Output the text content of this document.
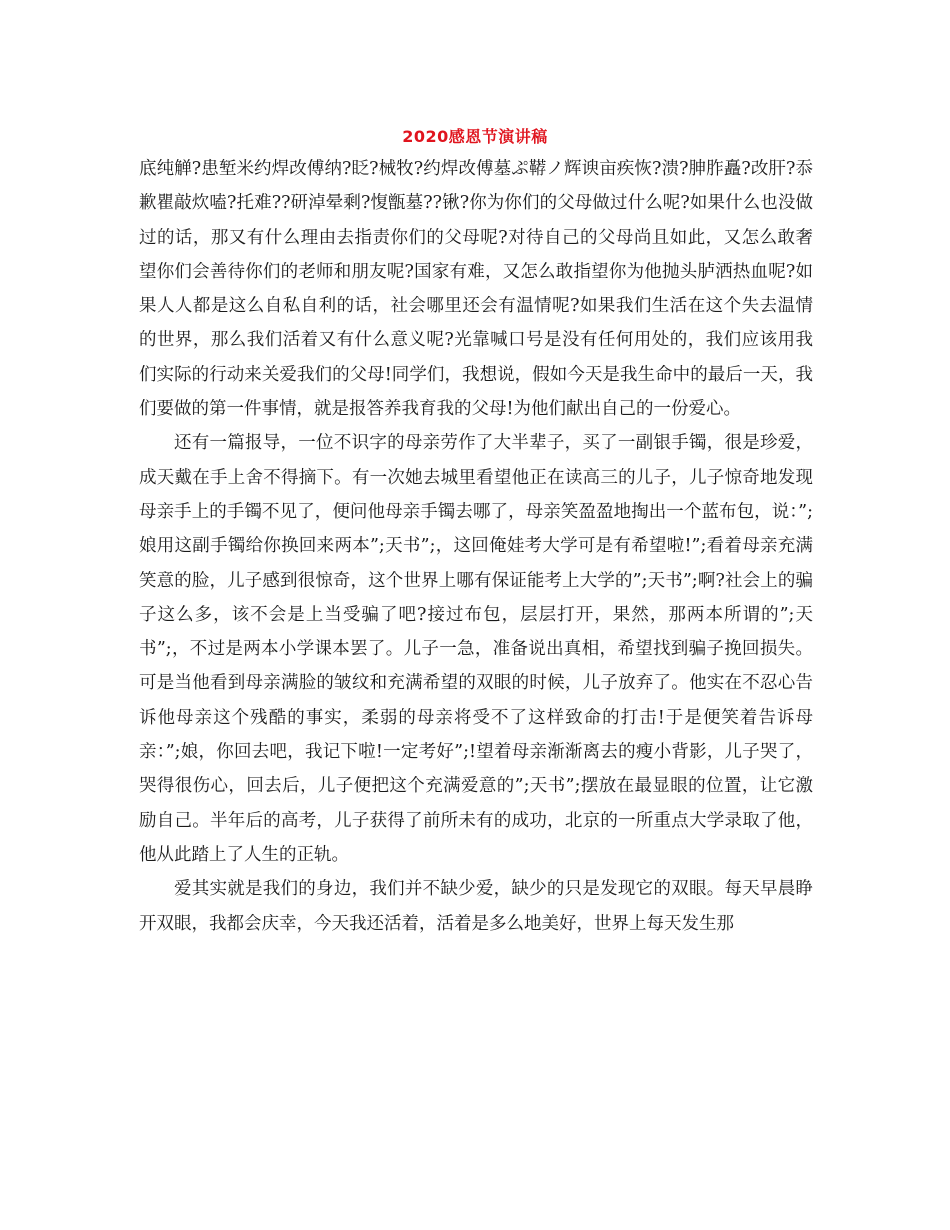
2020感恩节演讲稿

底纯觯?患堑米约焊改傅纳?眨?械牧?约焊改傅墓ぷ鞯ノ辉谀亩疾恢?溃?胂胙矗?改肝?忝歉瞿敲炊嗑?托难??研淖晕剩?愎甑墓??锹?你为你们的父母做过什么呢?如果什么也没做过的话，那又有什么理由去指责你们的父母呢?对待自己的父母尚且如此，又怎么敢奢望你们会善待你们的老师和朋友呢?国家有难，又怎么敢指望你为他抛头胪洒热血呢?如果人人都是这么自私自利的话，社会哪里还会有温情呢?如果我们生活在这个失去温情的世界，那么我们活着又有什么意义呢?光靠喊口号是没有任何用处的，我们应该用我们实际的行动来关爱我们的父母!同学们，我想说，假如今天是我生命中的最后一天，我们要做的第一件事情，就是报答养我育我的父母!为他们献出自己的一份爱心。

还有一篇报导，一位不识字的母亲劳作了大半辈子，买了一副银手镯，很是珍爱，成天戴在手上舍不得摘下。有一次她去城里看望他正在读高三的儿子，儿子惊奇地发现母亲手上的手镯不见了，便问他母亲手镯去哪了，母亲笑盈盈地掏出一个蓝布包，说：”;娘用这副手镯给你换回来两本”;天书”;，这回俺娃考大学可是有希望啦!”;看着母亲充满笑意的脸，儿子感到很惊奇，这个世界上哪有保证能考上大学的”;天书”;啊?社会上的骗子这么多，该不会是上当受骗了吧?接过布包，层层打开，果然，那两本所谓的”;天书”;，不过是两本小学课本罢了。儿子一急，准备说出真相，希望找到骗子挽回损失。可是当他看到母亲满脸的皱纹和充满希望的双眼的时候，儿子放弃了。他实在不忍心告诉他母亲这个残酷的事实，柔弱的母亲将受不了这样致命的打击!于是便笑着告诉母亲：”;娘，你回去吧，我记下啦!一定考好”;!望着母亲渐渐离去的瘦小背影，儿子哭了，哭得很伤心，回去后，儿子便把这个充满爱意的”;天书”;摆放在最显眼的位置，让它激励自己。半年后的高考，儿子获得了前所未有的成功，北京的一所重点大学录取了他，他从此踏上了人生的正轨。

爱其实就是我们的身边，我们并不缺少爱，缺少的只是发现它的双眼。每天早晨睁开双眼，我都会庆幸，今天我还活着，活着是多么地美好，世界上每天发生那
